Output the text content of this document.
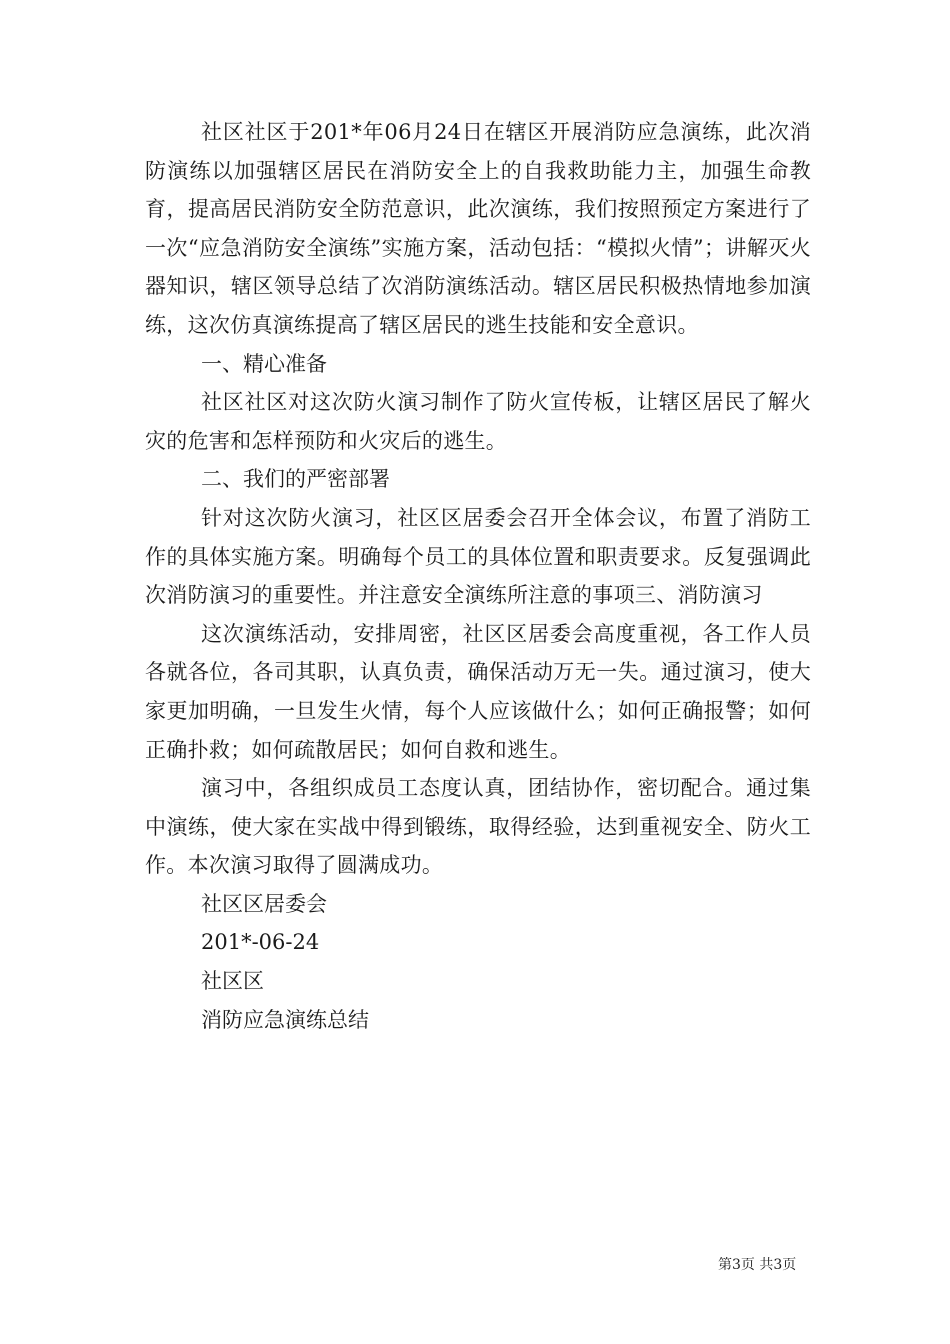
社区社区于201*年06月24日在辖区开展消防应急演练，此次消防演练以加强辖区居民在消防安全上的自我救助能力主，加强生命教育，提高居民消防安全防范意识，此次演练，我们按照预定方案进行了一次“应急消防安全演练”实施方案，活动包括：“模拟火情”；讲解灭火器知识，辖区领导总结了次消防演练活动。辖区居民积极热情地参加演练，这次仿真演练提高了辖区居民的逃生技能和安全意识。

一、精心准备

社区社区对这次防火演习制作了防火宣传板，让辖区居民了解火灾的危害和怎样预防和火灾后的逃生。

二、我们的严密部署

针对这次防火演习，社区区居委会召开全体会议，布置了消防工作的具体实施方案。明确每个员工的具体位置和职责要求。反复强调此次消防演习的重要性。并注意安全演练所注意的事项三、消防演习

这次演练活动，安排周密，社区区居委会高度重视，各工作人员各就各位，各司其职，认真负责，确保活动万无一失。通过演习，使大家更加明确，一旦发生火情，每个人应该做什么；如何正确报警；如何正确扑救；如何疏散居民；如何自救和逃生。

演习中，各组织成员工态度认真，团结协作，密切配合。通过集中演练，使大家在实战中得到锻练，取得经验，达到重视安全、防火工作。本次演习取得了圆满成功。

社区区居委会

201*-06-24

社区区

消防应急演练总结

第3页 共3页
